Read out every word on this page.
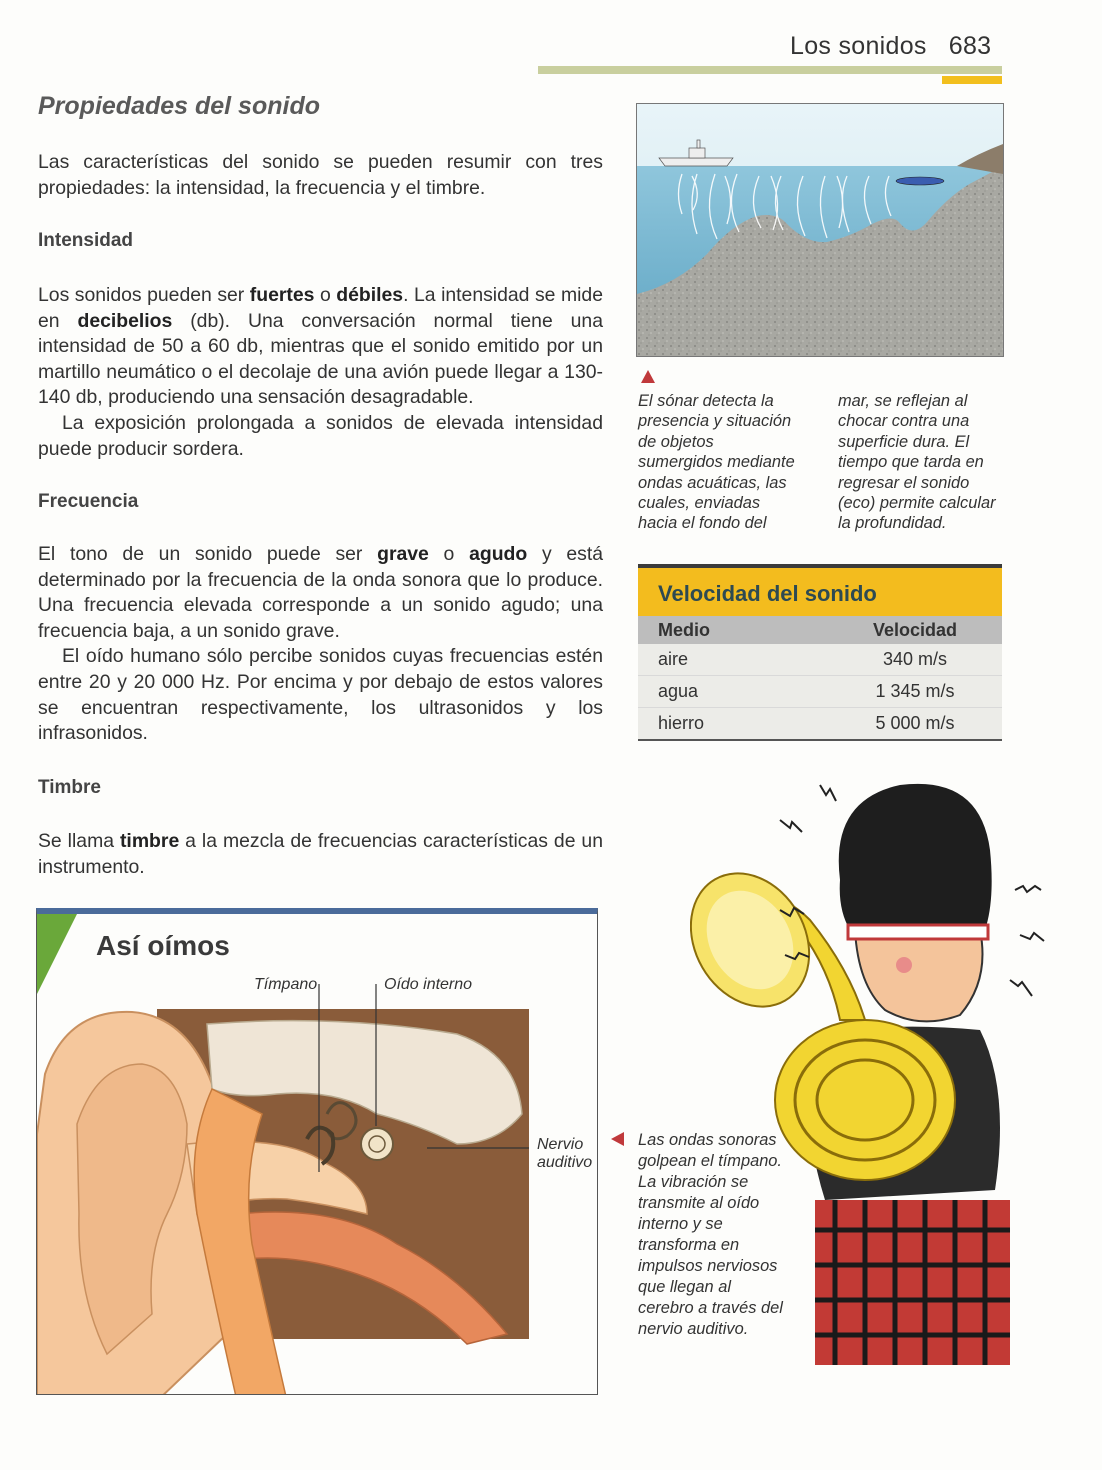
Los sonidos 683
Propiedades del sonido
Las características del sonido se pueden resumir con tres propiedades: la intensidad, la frecuencia y el timbre.
Intensidad
Los sonidos pueden ser fuertes o débiles. La intensidad se mide en decibelios (db). Una conversación normal tiene una intensidad de 50 a 60 db, mientras que el sonido emitido por un martillo neumático o el decolaje de una avión puede llegar a 130-140 db, produciendo una sensación desagradable.
La exposición prolongada a sonidos de elevada intensidad puede producir sordera.
Frecuencia
El tono de un sonido puede ser grave o agudo y está determinado por la frecuencia de la onda sonora que lo produce. Una frecuencia elevada corresponde a un sonido agudo; una frecuencia baja, a un sonido grave.
El oído humano sólo percibe sonidos cuyas frecuencias estén entre 20 y 20 000 Hz. Por encima y por debajo de estos valores se encuentran respectivamente, los ultrasonidos y los infrasonidos.
Timbre
Se llama timbre a la mezcla de frecuencias características de un instrumento.
El sónar detecta la presencia y situación de objetos sumergidos mediante ondas acuáticas, las cuales, enviadas hacia el fondo del
mar, se reflejan al chocar contra una superficie dura. El tiempo que tarda en regresar el sonido (eco) permite calcular la profundidad.
Velocidad del sonido
Medio	Velocidad
aire	340 m/s
agua	1 345 m/s
hierro	5 000 m/s
Así oímos
Tímpano	Oído interno
Nervio auditivo
Las ondas sonoras golpean el tímpano. La vibración se transmite al oído interno y se transforma en impulsos nerviosos que llegan al cerebro a través del nervio auditivo.
